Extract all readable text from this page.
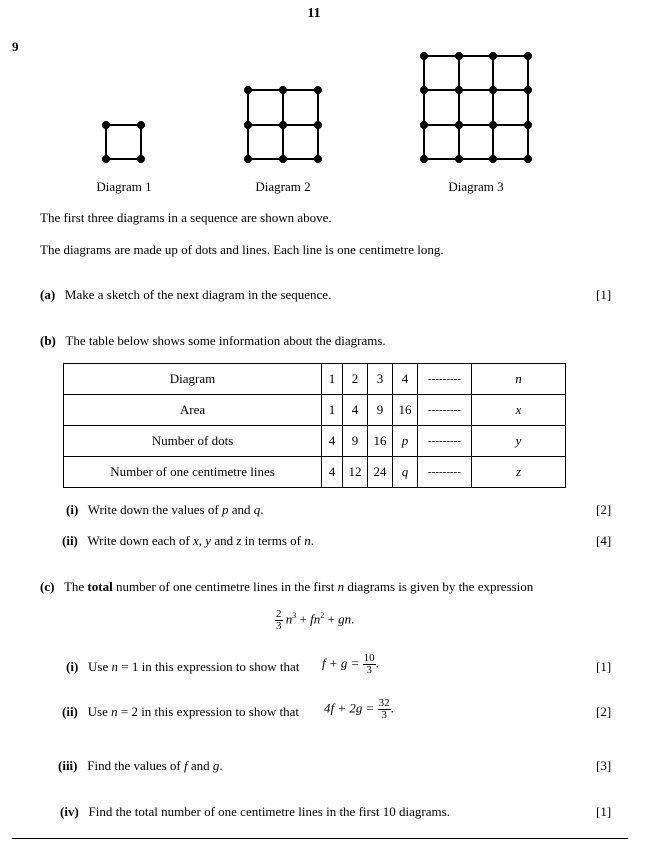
11
9
Diagram 1	Diagram 2	Diagram 3
The first three diagrams in a sequence are shown above.
The diagrams are made up of dots and lines. Each line is one centimetre long.
(a) Make a sketch of the next diagram in the sequence.	[1]
(b) The table below shows some information about the diagrams.
Diagram	1	2	3	4	---------	n
Area	1	4	9	16	---------	x
Number of dots	4	9	16	p	---------	y
Number of one centimetre lines	4	12	24	q	---------	z
(i) Write down the values of p and q.	[2]
(ii) Write down each of x, y and z in terms of n.	[4]
(c) The total number of one centimetre lines in the first n diagrams is given by the expression
$\frac{2}{3} n^3 + fn^2$ + gn.
(i) Use n = 1 in this expression to show that $f + g = \frac{10}{3}$ .	[1]
(ii) Use n = 2 in this expression to show that $4f + 2g = \frac{32}{3}$ .	[2]
(iii) Find the values of f and g.	[3]
(iv) Find the total number of one centimetre lines in the first 10 diagrams.	[1]
